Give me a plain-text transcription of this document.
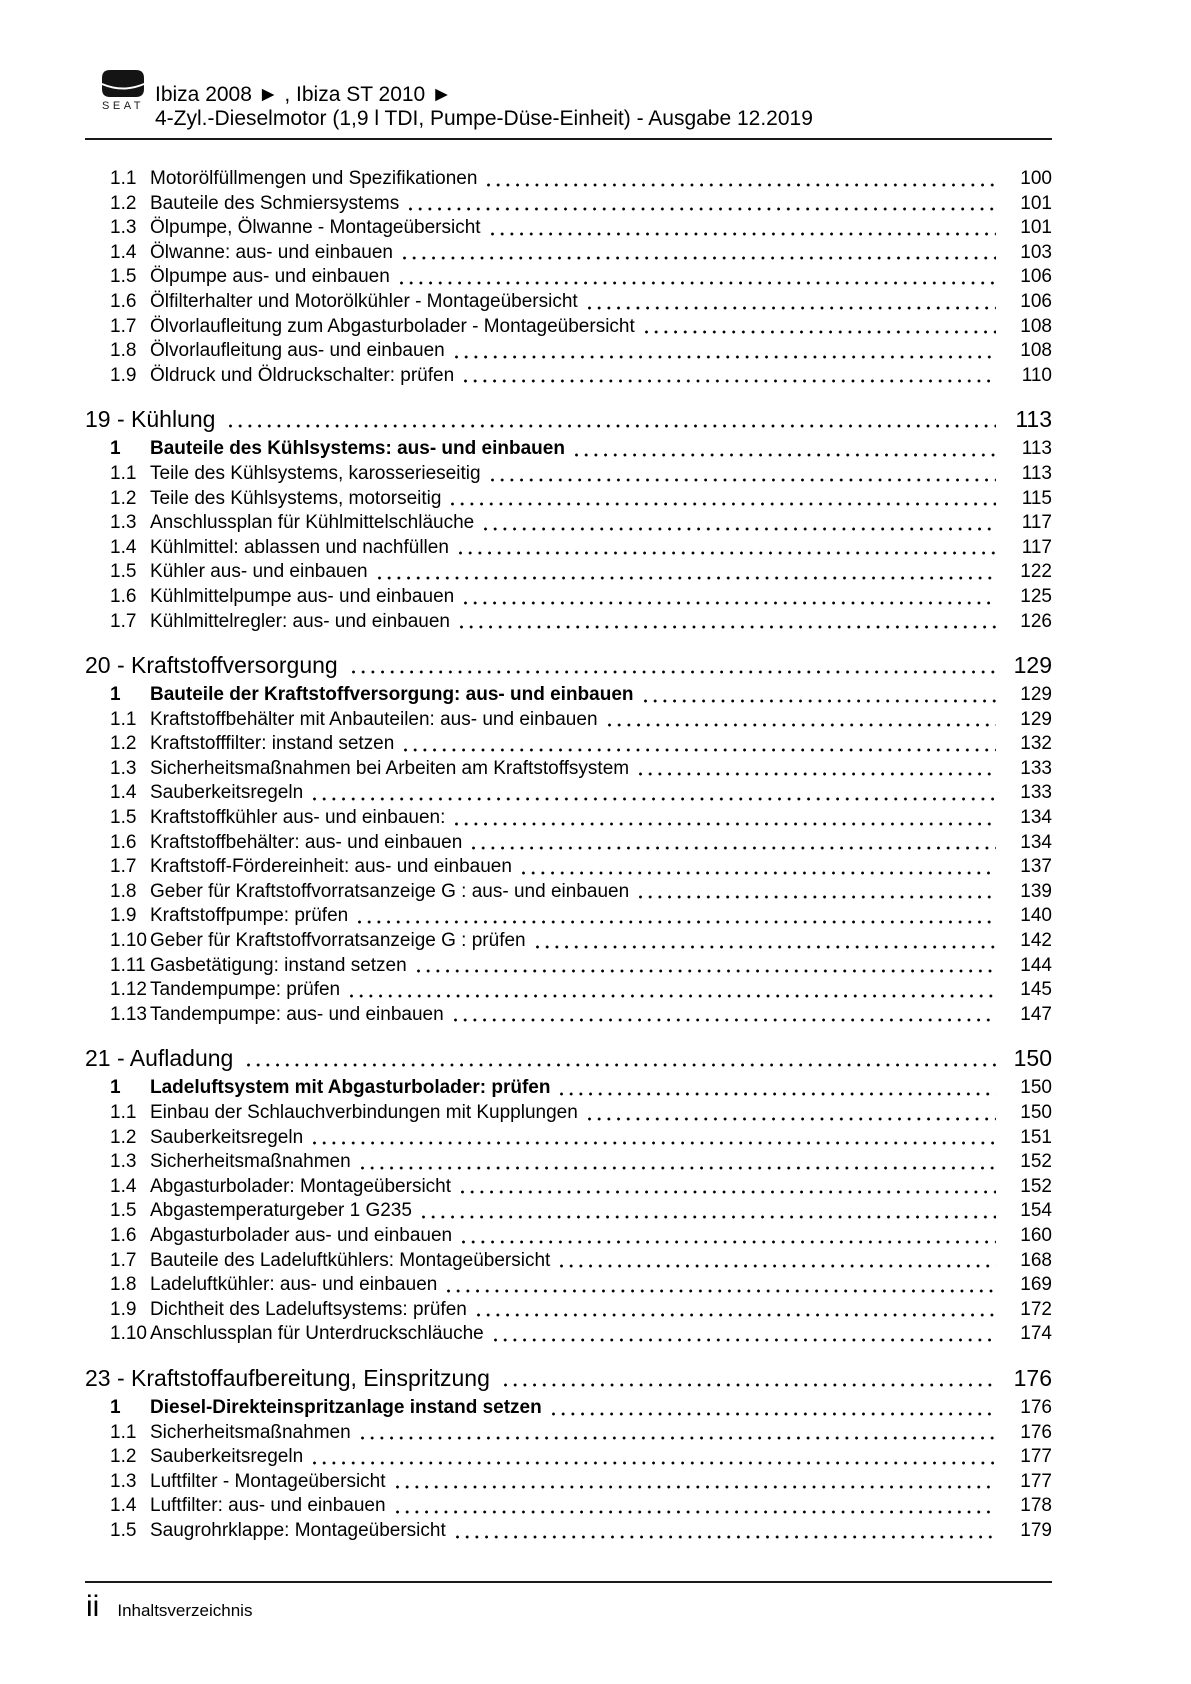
SEAT Ibiza 2008 ► , Ibiza ST 2010 ►
4-Zyl.-Dieselmotor (1,9 l TDI, Pumpe-Düse-Einheit) - Ausgabe 12.2019
1.1 Motorölfüllmengen und Spezifikationen	100
1.2 Bauteile des Schmiersystems	101
1.3 Ölpumpe, Ölwanne - Montageübersicht	101
1.4 Ölwanne: aus- und einbauen	103
1.5 Ölpumpe aus- und einbauen	106
1.6 Ölfilterhalter und Motorölkühler - Montageübersicht	106
1.7 Ölvorlaufleitung zum Abgasturbolader - Montageübersicht	108
1.8 Ölvorlaufleitung aus- und einbauen	108
1.9 Öldruck und Öldruckschalter: prüfen	110
19 - Kühlung	113
1	Bauteile des Kühlsystems: aus- und einbauen	113
1.1 Teile des Kühlsystems, karosserieseitig	113
1.2 Teile des Kühlsystems, motorseitig	115
1.3 Anschlussplan für Kühlmittelschläuche	117
1.4 Kühlmittel: ablassen und nachfüllen	117
1.5 Kühler aus- und einbauen	122
1.6 Kühlmittelpumpe aus- und einbauen	125
1.7 Kühlmittelregler: aus- und einbauen	126
20 - Kraftstoffversorgung	129
1	Bauteile der Kraftstoffversorgung: aus- und einbauen	129
1.1 Kraftstoffbehälter mit Anbauteilen: aus- und einbauen	129
1.2 Kraftstofffilter: instand setzen	132
1.3 Sicherheitsmaßnahmen bei Arbeiten am Kraftstoffsystem	133
1.4 Sauberkeitsregeln	133
1.5 Kraftstoffkühler aus- und einbauen:	134
1.6 Kraftstoffbehälter: aus- und einbauen	134
1.7 Kraftstoff-Fördereinheit: aus- und einbauen	137
1.8 Geber für Kraftstoffvorratsanzeige G : aus- und einbauen	139
1.9 Kraftstoffpumpe: prüfen	140
1.10 Geber für Kraftstoffvorratsanzeige G : prüfen	142
1.11 Gasbetätigung: instand setzen	144
1.12 Tandempumpe: prüfen	145
1.13 Tandempumpe: aus- und einbauen	147
21 - Aufladung	150
1	Ladeluftsystem mit Abgasturbolader: prüfen	150
1.1 Einbau der Schlauchverbindungen mit Kupplungen	150
1.2 Sauberkeitsregeln	151
1.3 Sicherheitsmaßnahmen	152
1.4 Abgasturbolader: Montageübersicht	152
1.5 Abgastemperaturgeber 1 G235	154
1.6 Abgasturbolader aus- und einbauen	160
1.7 Bauteile des Ladeluftkühlers: Montageübersicht	168
1.8 Ladeluftkühler: aus- und einbauen	169
1.9 Dichtheit des Ladeluftsystems: prüfen	172
1.10 Anschlussplan für Unterdruckschläuche	174
23 - Kraftstoffaufbereitung, Einspritzung	176
1	Diesel-Direkteinspritzanlage instand setzen	176
1.1 Sicherheitsmaßnahmen	176
1.2 Sauberkeitsregeln	177
1.3 Luftfilter - Montageübersicht	177
1.4 Luftfilter: aus- und einbauen	178
1.5 Saugrohrklappe: Montageübersicht	179
ii Inhaltsverzeichnis
